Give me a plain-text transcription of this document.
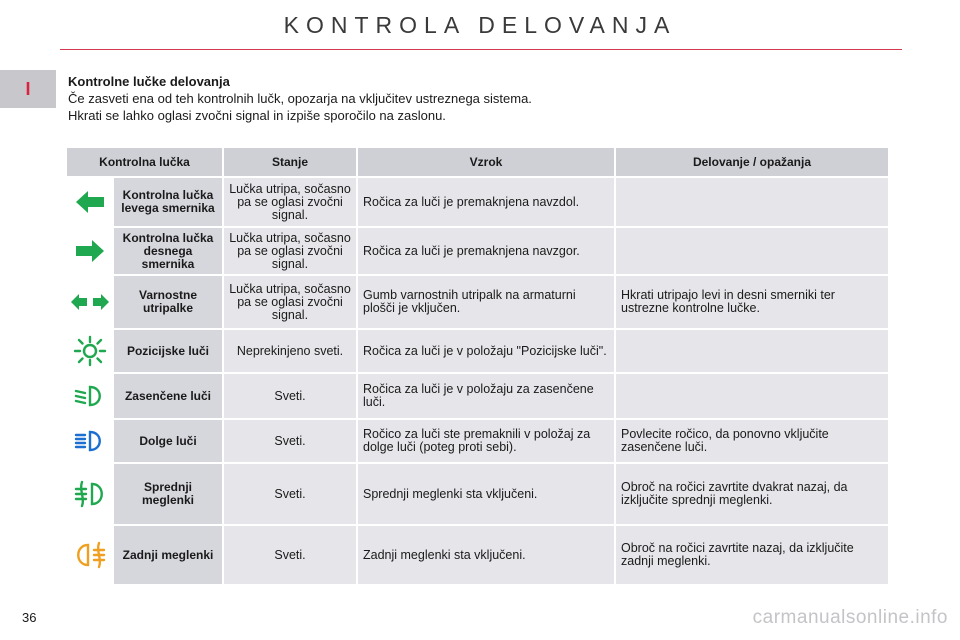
KONTROLA DELOVANJA
I	Kontrolne lučke delovanja

Če zasveti ena od teh kontrolnih lučk, opozarja na vključitev ustreznega sistema.

Hkrati se lahko oglasi zvočni signal in izpiše sporočilo na zaslonu.

Kontrolna lučka		Stanje	Vzrok	Delovanje / opažanja

	Kontrolna lučka levega smernika	Lučka utripa, sočasno pa se oglasi zvočni signal.	Ročica za luči je premaknjena navzdol.	

	Kontrolna lučka desnega smernika	Lučka utripa, sočasno pa se oglasi zvočni signal.	Ročica za luči je premaknjena navzgor.	

	Varnostne utripalke	Lučka utripa, sočasno pa se oglasi zvočni signal.	Gumb varnostnih utripalk na armaturni plošči je vključen.	Hkrati utripajo levi in desni smerniki ter ustrezne kontrolne lučke.

	Pozicijske luči	Neprekinjeno sveti.	Ročica za luči je v položaju "Pozicijske luči".	

	Zasenčene luči	Sveti.	Ročica za luči je v položaju za zasenčene luči.	

	Dolge luči	Sveti.	Ročico za luči ste premaknili v položaj za dolge luči (poteg proti sebi).	Povlecite ročico, da ponovno vključite zasenčene luči.

	Sprednji meglenki	Sveti.	Sprednji meglenki sta vključeni.	Obroč na ročici zavrtite dvakrat nazaj, da izključite sprednji meglenki.

	Zadnji meglenki	Sveti.	Zadnji meglenki sta vključeni.	Obroč na ročici zavrtite nazaj, da izključite zadnji meglenki.
36	carmanualsonline.info
